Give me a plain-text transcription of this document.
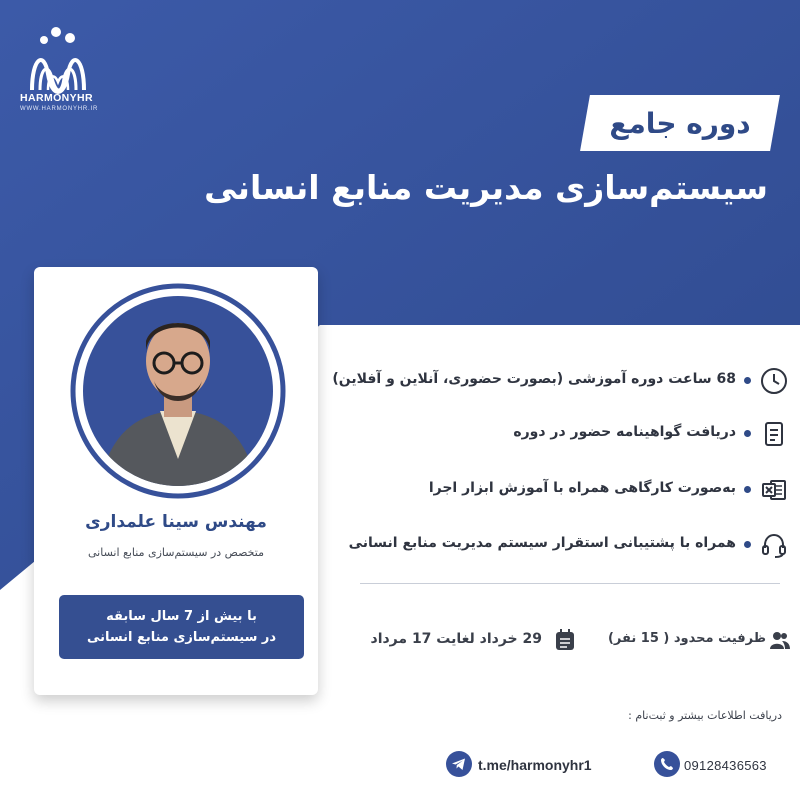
HARMONYHR
WWW.HARMONYHR.IR	دوره جامع
سیستم‌سازی مدیریت منابع انسانی
مهندس سینا علمداری
متخصص در سیستم‌سازی منابع انسانی
با بیش از 7 سال سابقه
در سیستم‌سازی منابع انسانی
68 ساعت دوره آموزشی (بصورت حضوری، آنلاین و آفلاین)
دریافت گواهینامه حضور در دوره
به‌صورت کارگاهی همراه با آموزش ابزار اجرا
همراه با پشتیبانی استقرار سیستم مدیریت منابع انسانی
ظرفیت محدود ( 15 نفر)
29 خرداد لغایت 17 مرداد
دریافت اطلاعات بیشتر و ثبت‌نام :
09128436563
t.me/harmonyhr1
